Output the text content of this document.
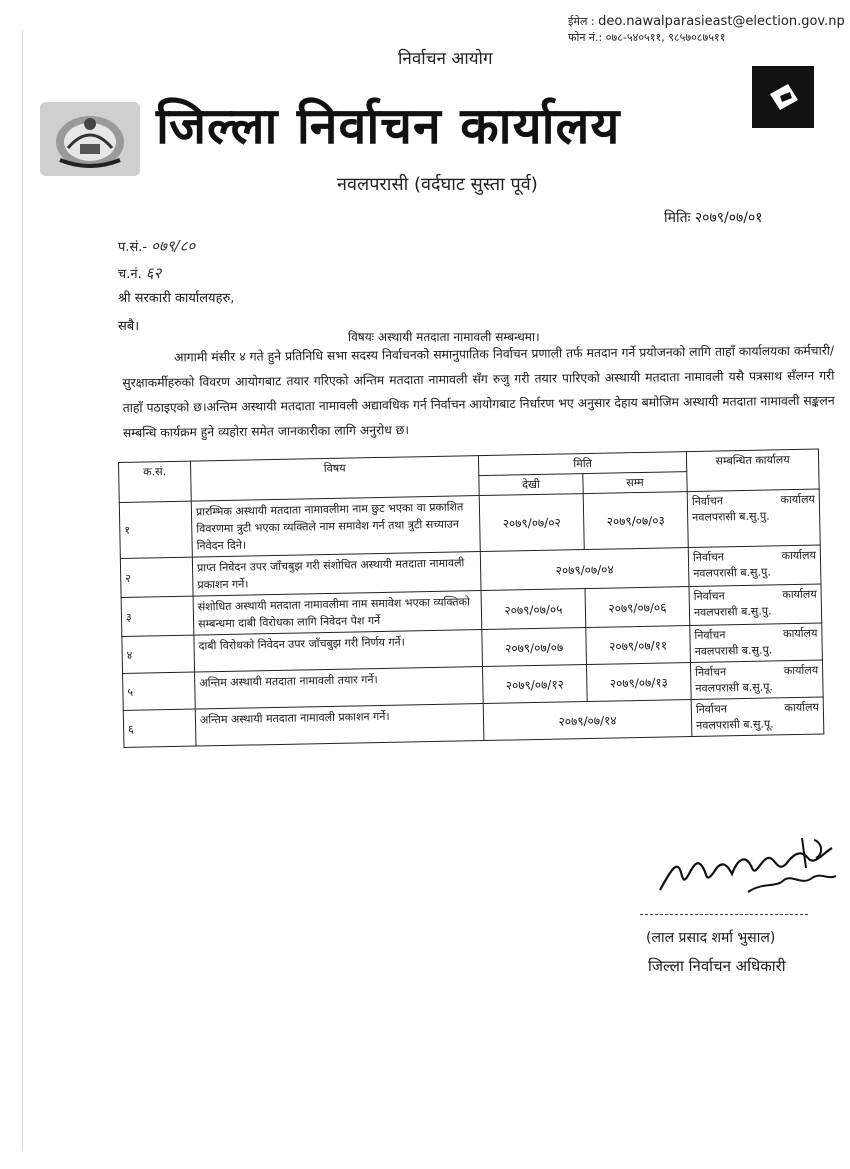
ईमेल : deo.nawalparasieast@election.gov.np
फोन नं.: ०७८-५४०५११, ९८५७०८७५११
निर्वाचन आयोग
जिल्ला निर्वाचन कार्यालय
नवलपरासी (वर्दघाट सुस्ता पूर्व)
मितिः २०७९/०७/०१
प.सं.- ०७९/८०
च.नं. ६२
श्री सरकारी कार्यालयहरु,
सबै।
विषयः अस्थायी मतदाता नामावली सम्बन्धमा।
आगामी मंसीर ४ गते हुने प्रतिनिधि सभा सदस्य निर्वाचनको समानुपातिक निर्वाचन प्रणाली तर्फ मतदान गर्ने प्रयोजनको लागि ताहाँ कार्यालयका कर्मचारी/सुरक्षाकर्मीहरुको विवरण आयोगबाट तयार गरिएको अन्तिम मतदाता नामावली सँग रुजु गरी तयार पारिएको अस्थायी मतदाता नामावली यसै पत्रसाथ सँलग्न गरी ताहाँ पठाइएको छ।अन्तिम अस्थायी मतदाता नामावली अद्यावधिक गर्न निर्वाचन आयोगबाट निर्धारण भए अनुसार देहाय बमोजिम अस्थायी मतदाता नामावली सङ्कलन सम्बन्धि कार्यक्रम हुने व्यहोरा समेत जानकारीका लागि अनुरोध छ।
क.सं.	विषय	मिति		सम्बन्धित कार्यालय
		देखी	सम्म	
१	प्रारम्भिक अस्थायी मतदाता नामावलीमा नाम छुट भएका वा प्रकाशित विवरणमा त्रुटी भएका व्यक्तिले नाम समावेश गर्न तथा त्रुटी सच्याउन निवेदन दिने।	२०७९/०७/०२	२०७९/०७/०३	निर्वाचन कार्यालय
नवलपरासी ब.सु.पु.

२	प्राप्त निवेदन उपर जाँचबुझ गरी संशोधित अस्थायी मतदाता नामावली प्रकाशन गर्ने।	२०७९/०७/०४		निर्वाचन कार्यालय
नवलपरासी ब.सु.पु.

३	संशोधित अस्थायी मतदाता नामावलीमा नाम समावेश भएका व्यक्तिको सम्बन्धमा दाबी विरोधका लागि निवेदन पेश गर्ने	२०७९/०७/०५	२०७९/०७/०६	निर्वाचन कार्यालय
नवलपरासी ब.सु.पु.

४	दाबी विरोधको निवेदन उपर जाँचबुझ गरी निर्णय गर्ने।	२०७९/०७/०७	२०७९/०७/११	निर्वाचन कार्यालय
नवलपरासी ब.सु.पु.

५	अन्तिम अस्थायी मतदाता नामावली तयार गर्ने।	२०७९/०७/१२	२०७९/०७/१३	निर्वाचन कार्यालय
नवलपरासी ब.सु.पू.

६	अन्तिम अस्थायी मतदाता नामावली प्रकाशन गर्ने।	२०७९/०७/१४		निर्वाचन कार्यालय
नवलपरासी ब.सु.पू.
(लाल प्रसाद शर्मा भुसाल)
जिल्ला निर्वाचन अधिकारी
